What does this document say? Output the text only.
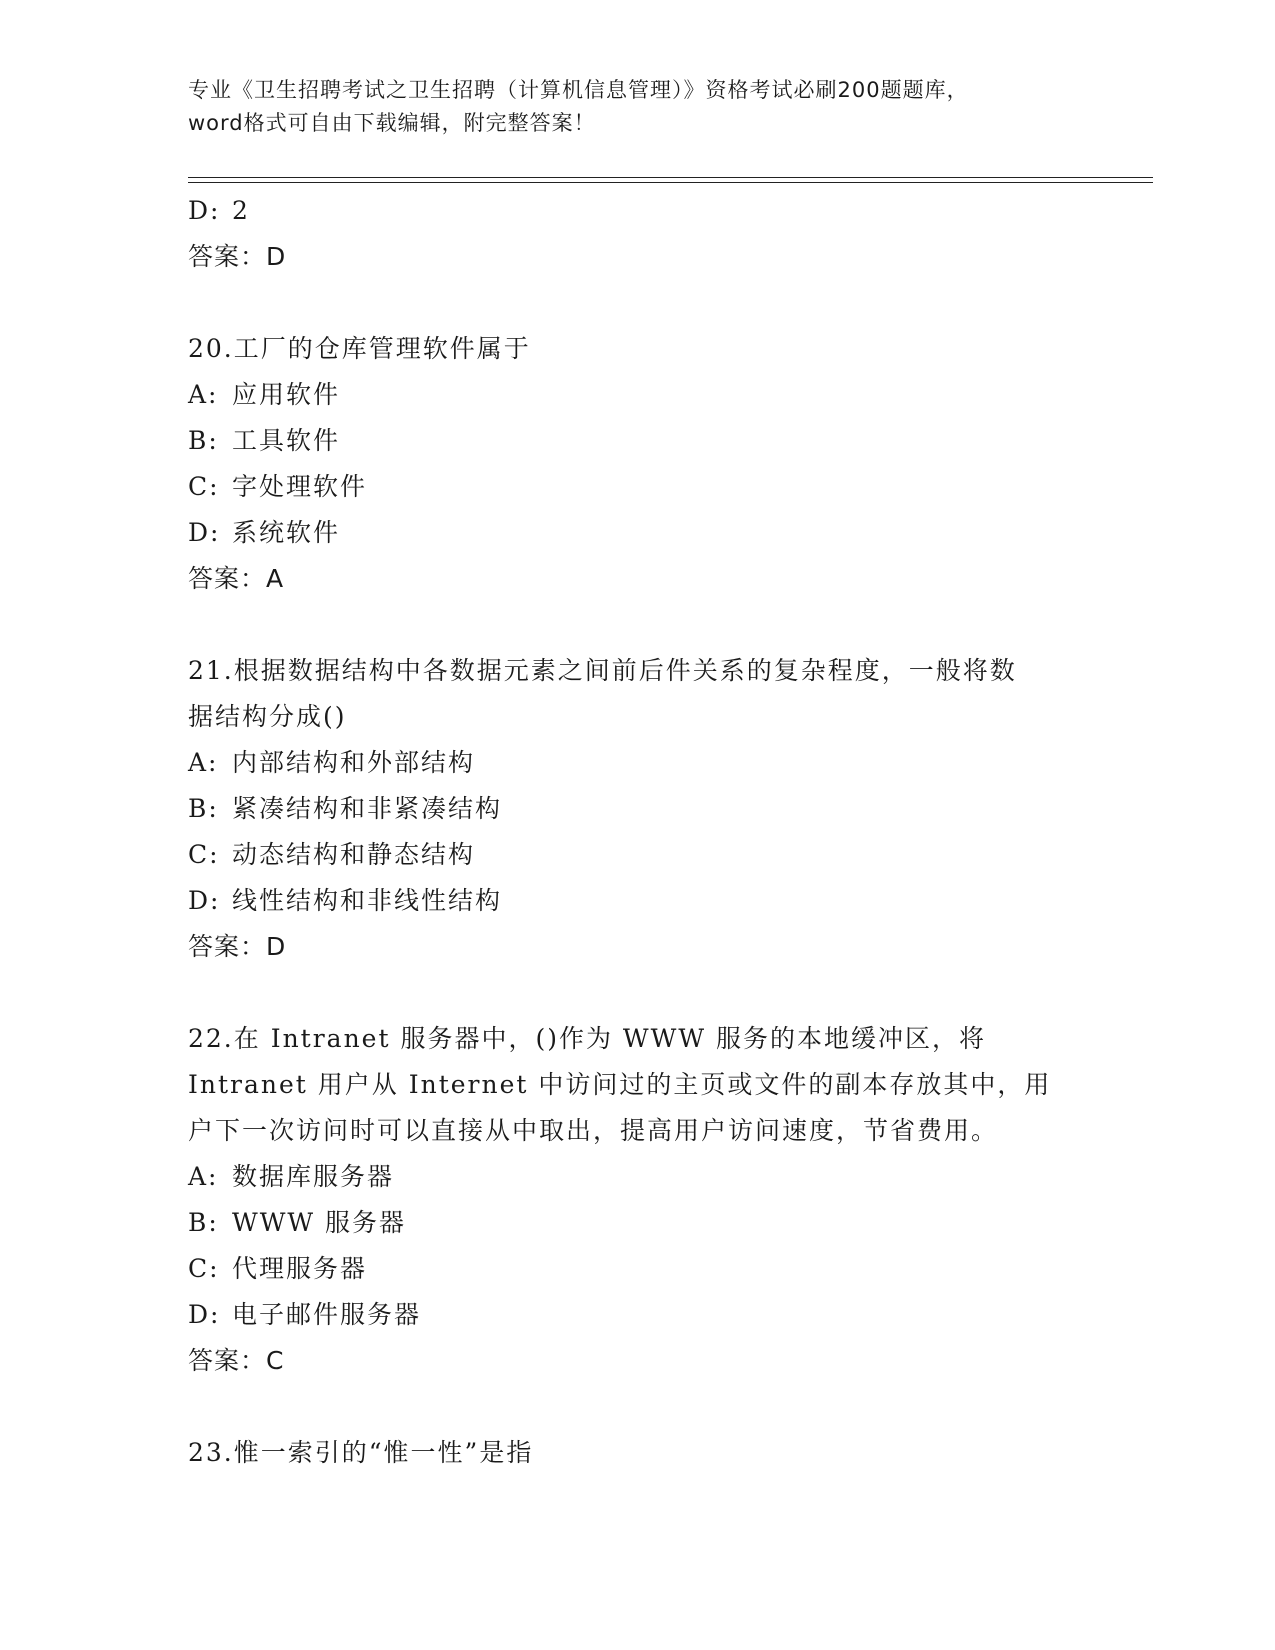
专业《卫生招聘考试之卫生招聘（计算机信息管理）》资格考试必刷200题题库，
word格式可自由下载编辑，附完整答案！
D: 2
答案：D
20.工厂的仓库管理软件属于
A: 应用软件
B: 工具软件
C: 字处理软件
D: 系统软件
答案：A
21.根据数据结构中各数据元素之间前后件关系的复杂程度，一般将数
据结构分成()
A: 内部结构和外部结构
B: 紧凑结构和非紧凑结构
C: 动态结构和静态结构
D: 线性结构和非线性结构
答案：D
22.在 Intranet 服务器中，()作为 WWW 服务的本地缓冲区，将
Intranet 用户从 Internet 中访问过的主页或文件的副本存放其中，用
户下一次访问时可以直接从中取出，提高用户访问速度，节省费用。
A: 数据库服务器
B: WWW 服务器
C: 代理服务器
D: 电子邮件服务器
答案：C
23.惟一索引的“惟一性”是指
